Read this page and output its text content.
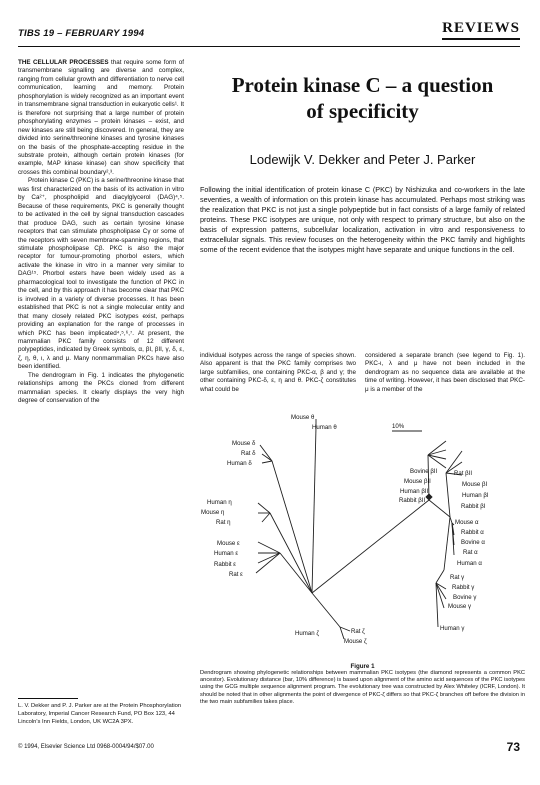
TIBS 19 – FEBRUARY 1994	REVIEWS

THE CELLULAR PROCESSES that require some form of transmembrane signalling are diverse and complex, ranging from cellular growth and differentiation to nerve cell communication, learning and memory. Protein phosphorylation is widely recognized as an important event in transmembrane signal transduction in eukaryotic cells¹. It is therefore not surprising that a large number of protein phosphorylating enzymes – protein kinases – exist, and new kinases are still being discovered. In general, they are divided into serine/threonine kinases and tyrosine kinases on the basis of the phosphate-accepting residue in the substrate protein, although certain protein kinases (for example, MAP kinase kinase) can show specificity that crosses this combinal boundary²,³.

Protein kinase C (PKC) is a serine/threonine kinase that was first characterized on the basis of its activation in vitro by Ca²⁺, phospholipid and diacylglycerol (DAG)⁴,⁵. Because of these requirements, PKC is generally thought to be activated in the cell by signal transduction cascades that produce DAG, such as certain tyrosine kinase receptors that can stimulate phospholipase Cγ or some of the receptors with seven membrane-spanning regions, that stimulate phospholipase Cβ. PKC is also the major receptor for tumour-promoting phorbol esters, which activate the kinase in vitro in a manner very similar to DAG¹⁵. Phorbol esters have been widely used as a pharmacological tool to investigate the function of PKC in the cell, and by this approach it has become clear that PKC is involved in a variety of diverse processes. It has been established that PKC is not a single molecular entity and that many closely related PKC isotypes exist, perhaps providing an explanation for the range of processes in which PKC has been implicated⁴,⁵,⁶,⁷. At present, the mammalian PKC family consists of 12 different polypeptides, indicated by Greek symbols, α, βI, βII, γ, δ, ε, ζ, η, θ, ι, λ and μ. Many nonmammalian PKCs have also been identified.

The dendrogram in Fig. 1 indicates the phylogenetic relationships among the PKCs cloned from different mammalian species. It clearly displays the very high degree of conservation of the

Protein kinase C – a question
of specificity
Lodewijk V. Dekker and Peter J. Parker
Following the initial identification of protein kinase C (PKC) by Nishizuka and co-workers in the late seventies, a wealth of information on this protein kinase has accumulated. Perhaps most striking was the realization that PKC is not just a single polypeptide but in fact consists of a large family of related proteins. These PKC isotypes are unique, not only with respect to primary structure, but also on the basis of expression patterns, subcellular localization, activation in vitro and responsiveness to extracellular signals. This review focuses on the heterogeneity within the PKC family and highlights some of the recent evidence that the isotypes might have separate and unique functions in the cell.
individual isotypes across the range of species shown. Also apparent is that the PKC family comprises two large subfamilies, one containing PKC-α, β and γ; the other containing PKC-δ, ε, η and θ. PKC-ζ constitutes what could be
considered a separate branch (see legend to Fig. 1). PKC-ι, λ and μ have not been included in the dendrogram as no sequence data are available at the time of writing. However, it has been disclosed that PKC-μ is a member of the
10%
Mouse θ
Human θ
Mouse δ
Rat δ
Human δ
Human η
Mouse η
Rat η
Mouse ε
Human ε
Rabbit ε
Rat ε
Human ζ	Rat ζ
Mouse ζ
Bovine βII
Mouse βII
Human βII
Rabbit βII
Rat βII
Mouse βI
Human βI
Rabbit βI
Mouse α
Rabbit α
Bovine α
Rat α
Human α
Rat γ
Rabbit γ
Bovine γ
Mouse γ
Human γ
Figure 1
Dendrogram showing phylogenetic relationships between mammalian PKC isotypes (the diamond represents a common PKC ancestor). Evolutionary distance (bar, 10% difference) is based upon alignment of the amino acid sequences of the PKC isotypes using the GCG multiple sequence alignment program. The evolutionary tree was constructed by Alex Whiteley (ICRF, London). It should be noted that in other alignments the point of divergence of PKC-ζ differs so that PKC-ζ branches off before the division in the two main subfamilies takes place.
L. V. Dekker and P. J. Parker are at the Protein Phosphorylation Laboratory, Imperial Cancer Research Fund, PO Box 123, 44 Lincoln's Inn Fields, London, UK WC2A 3PX.
© 1994, Elsevier Science Ltd 0968-0004/94/$07.00	73
